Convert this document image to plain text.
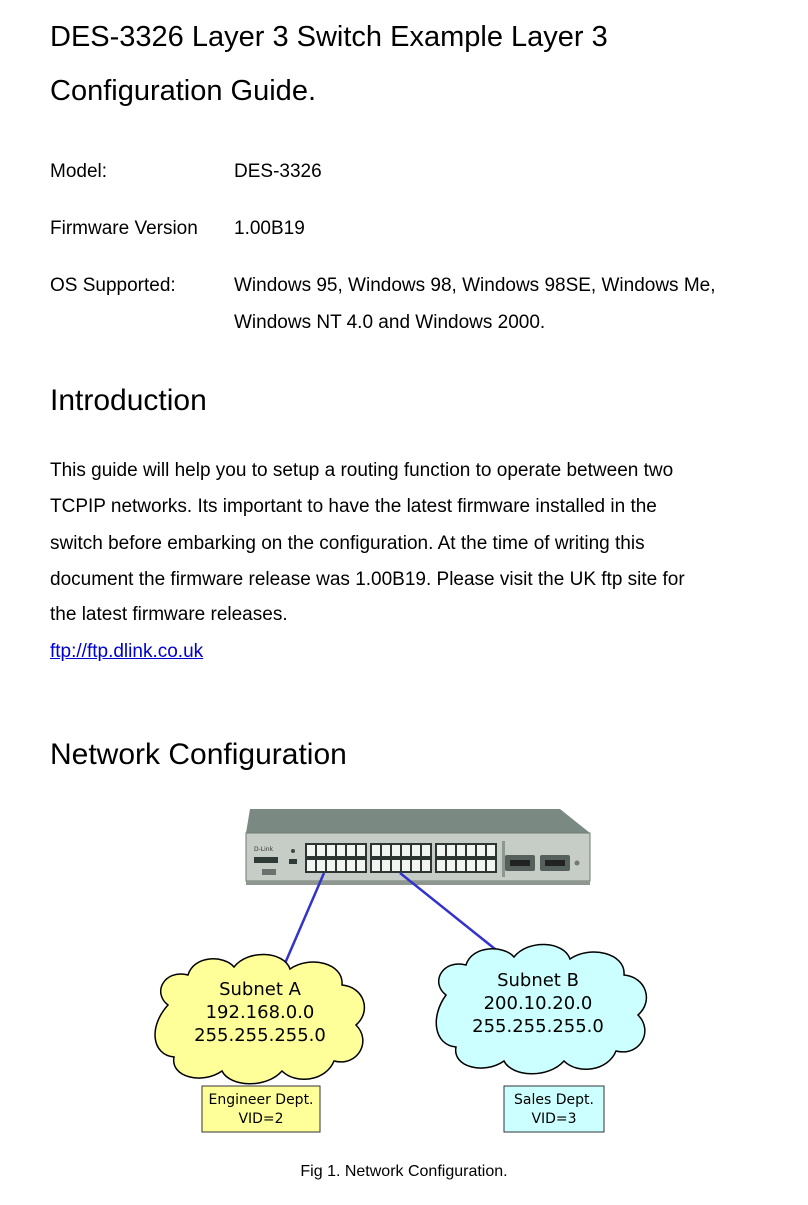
DES-3326 Layer 3 Switch Example Layer 3
Configuration Guide.
Model:	DES-3326
Firmware Version 1.00B19
OS Supported:	Windows 95, Windows 98, Windows 98SE, Windows Me,
Windows NT 4.0 and Windows 2000.
Introduction
This guide will help you to setup a routing function to operate between two
TCPIP networks. Its important to have the latest firmware installed in the
switch before embarking on the configuration. At the time of writing this
document the firmware release was 1.00B19. Please visit the UK ftp site for
the latest firmware releases.
ftp://ftp.dlink.co.uk
Network Configuration
D-Link
Subnet A
192.168.0.0
255.255.255.0
Subnet B
200.10.20.0
255.255.255.0
Engineer Dept.
VID=2
Sales Dept.
VID=3
Fig 1. Network Configuration.
